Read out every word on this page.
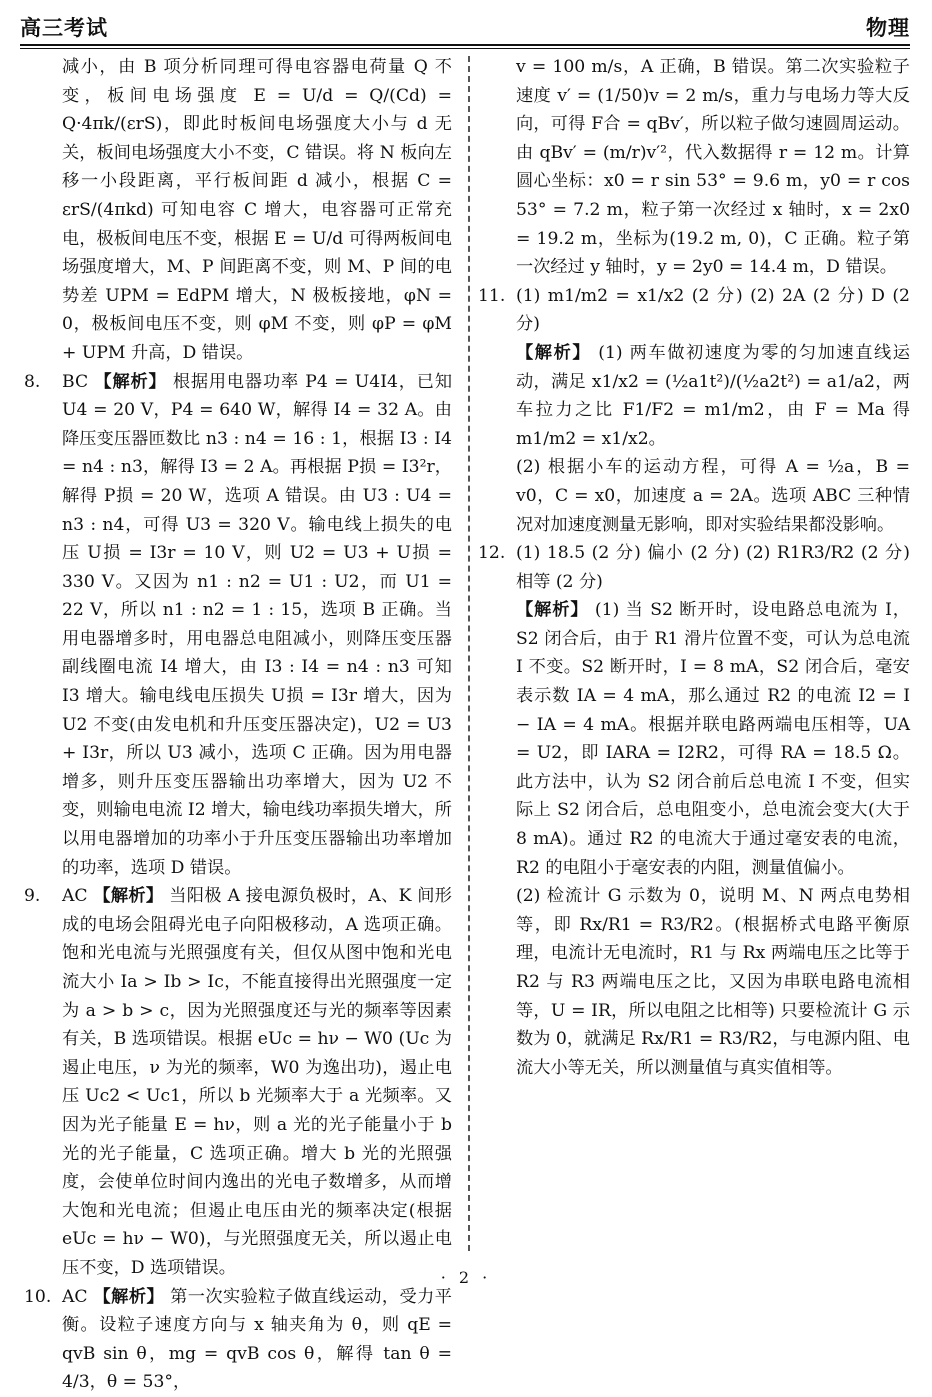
高三考试	物理

减小，由 B 项分析同理可得电容器电荷量 Q 不变，板间电场强度 E = U/d = Q/(Cd) = Q·4πk/(εrS)，即此时板间电场强度大小与 d 无关，板间电场强度大小不变，C 错误。将 N 板向左移一小段距离，平行板间距 d 减小，根据 C = εrS/(4πkd) 可知电容 C 增大，电容器可正常充电，极板间电压不变，根据 E = U/d 可得两板间电场强度增大，M、P 间距离不变，则 M、P 间的电势差 UPM = EdPM 增大，N 极板接地，φN = 0，极板间电压不变，则 φM 不变，则 φP = φM + UPM 升高，D 错误。

8.	BC 【解析】 根据用电器功率 P4 = U4I4，已知 U4 = 20 V，P4 = 640 W，解得 I4 = 32 A。由降压变压器匝数比 n3 : n4 = 16 : 1，根据 I3 : I4 = n4 : n3，解得 I3 = 2 A。再根据 P损 = I3²r，解得 P损 = 20 W，选项 A 错误。由 U3 : U4 = n3 : n4，可得 U3 = 320 V。输电线上损失的电压 U损 = I3r = 10 V，则 U2 = U3 + U损 = 330 V。又因为 n1 : n2 = U1 : U2，而 U1 = 22 V，所以 n1 : n2 = 1 : 15，选项 B 正确。当用电器增多时，用电器总电阻减小，则降压变压器副线圈电流 I4 增大，由 I3 : I4 = n4 : n3 可知 I3 增大。输电线电压损失 U损 = I3r 增大，因为 U2 不变(由发电机和升压变压器决定)，U2 = U3 + I3r，所以 U3 减小，选项 C 正确。因为用电器增多，则升压变压器输出功率增大，因为 U2 不变，则输电电流 I2 增大，输电线功率损失增大，所以用电器增加的功率小于升压变压器输出功率增加的功率，选项 D 错误。
9.	AC 【解析】 当阳极 A 接电源负极时，A、K 间形成的电场会阻碍光电子向阳极移动，A 选项正确。饱和光电流与光照强度有关，但仅从图中饱和光电流大小 Ia > Ib > Ic，不能直接得出光照强度一定为 a > b > c，因为光照强度还与光的频率等因素有关，B 选项错误。根据 eUc = hν − W0 (Uc 为遏止电压，ν 为光的频率，W0 为逸出功)，遏止电压 Uc2 < Uc1，所以 b 光频率大于 a 光频率。又因为光子能量 E = hν，则 a 光的光子能量小于 b 光的光子能量，C 选项正确。增大 b 光的光照强度，会使单位时间内逸出的光电子数增多，从而增大饱和光电流；但遏止电压由光的频率决定(根据 eUc = hν − W0)，与光照强度无关，所以遏止电压不变，D 选项错误。
10. AC 【解析】 第一次实验粒子做直线运动，受力平衡。设粒子速度方向与 x 轴夹角为 θ，则 qE = qvB sin θ，mg = qvB cos θ，解得 tan θ = 4/3，θ = 53°，

v = 100 m/s，A 正确，B 错误。第二次实验粒子速度 v′ = (1/50)v = 2 m/s，重力与电场力等大反向，可得 F合 = qBv′，所以粒子做匀速圆周运动。由 qBv′ = (m/r)v′²，代入数据得 r = 12 m。计算圆心坐标：x0 = r sin 53° = 9.6 m，y0 = r cos 53° = 7.2 m，粒子第一次经过 x 轴时，x = 2x0 = 19.2 m，坐标为(19.2 m, 0)，C 正确。粒子第一次经过 y 轴时，y = 2y0 = 14.4 m，D 错误。

11. (1) m1/m2 = x1/x2 (2 分) (2) 2A (2 分) D (2 分)

【解析】 (1) 两车做初速度为零的匀加速直线运动，满足 x1/x2 = (½a1t²)/(½a2t²) = a1/a2，两车拉力之比 F1/F2 = m1/m2，由 F = Ma 得 m1/m2 = x1/x2。

(2) 根据小车的运动方程，可得 A = ½a，B = v0，C = x0，加速度 a = 2A。选项 ABC 三种情况对加速度测量无影响，即对实验结果都没影响。

12. (1) 18.5 (2 分) 偏小 (2 分) (2) R1R3/R2 (2 分) 相等 (2 分)

【解析】 (1) 当 S2 断开时，设电路总电流为 I，S2 闭合后，由于 R1 滑片位置不变，可认为总电流 I 不变。S2 断开时，I = 8 mA，S2 闭合后，毫安表示数 IA = 4 mA，那么通过 R2 的电流 I2 = I − IA = 4 mA。根据并联电路两端电压相等，UA = U2，即 IARA = I2R2，可得 RA = 18.5 Ω。此方法中，认为 S2 闭合前后总电流 I 不变，但实际上 S2 闭合后，总电阻变小，总电流会变大(大于 8 mA)。通过 R2 的电流大于通过毫安表的电流，R2 的电阻小于毫安表的内阻，测量值偏小。

(2) 检流计 G 示数为 0，说明 M、N 两点电势相等，即 Rx/R1 = R3/R2。(根据桥式电路平衡原理，电流计无电流时，R1 与 Rx 两端电压之比等于 R2 与 R3 两端电压之比，又因为串联电路电流相等，U = IR，所以电阻之比相等) 只要检流计 G 示数为 0，就满足 Rx/R1 = R3/R2，与电源内阻、电流大小等无关，所以测量值与真实值相等。

· 2 ·
